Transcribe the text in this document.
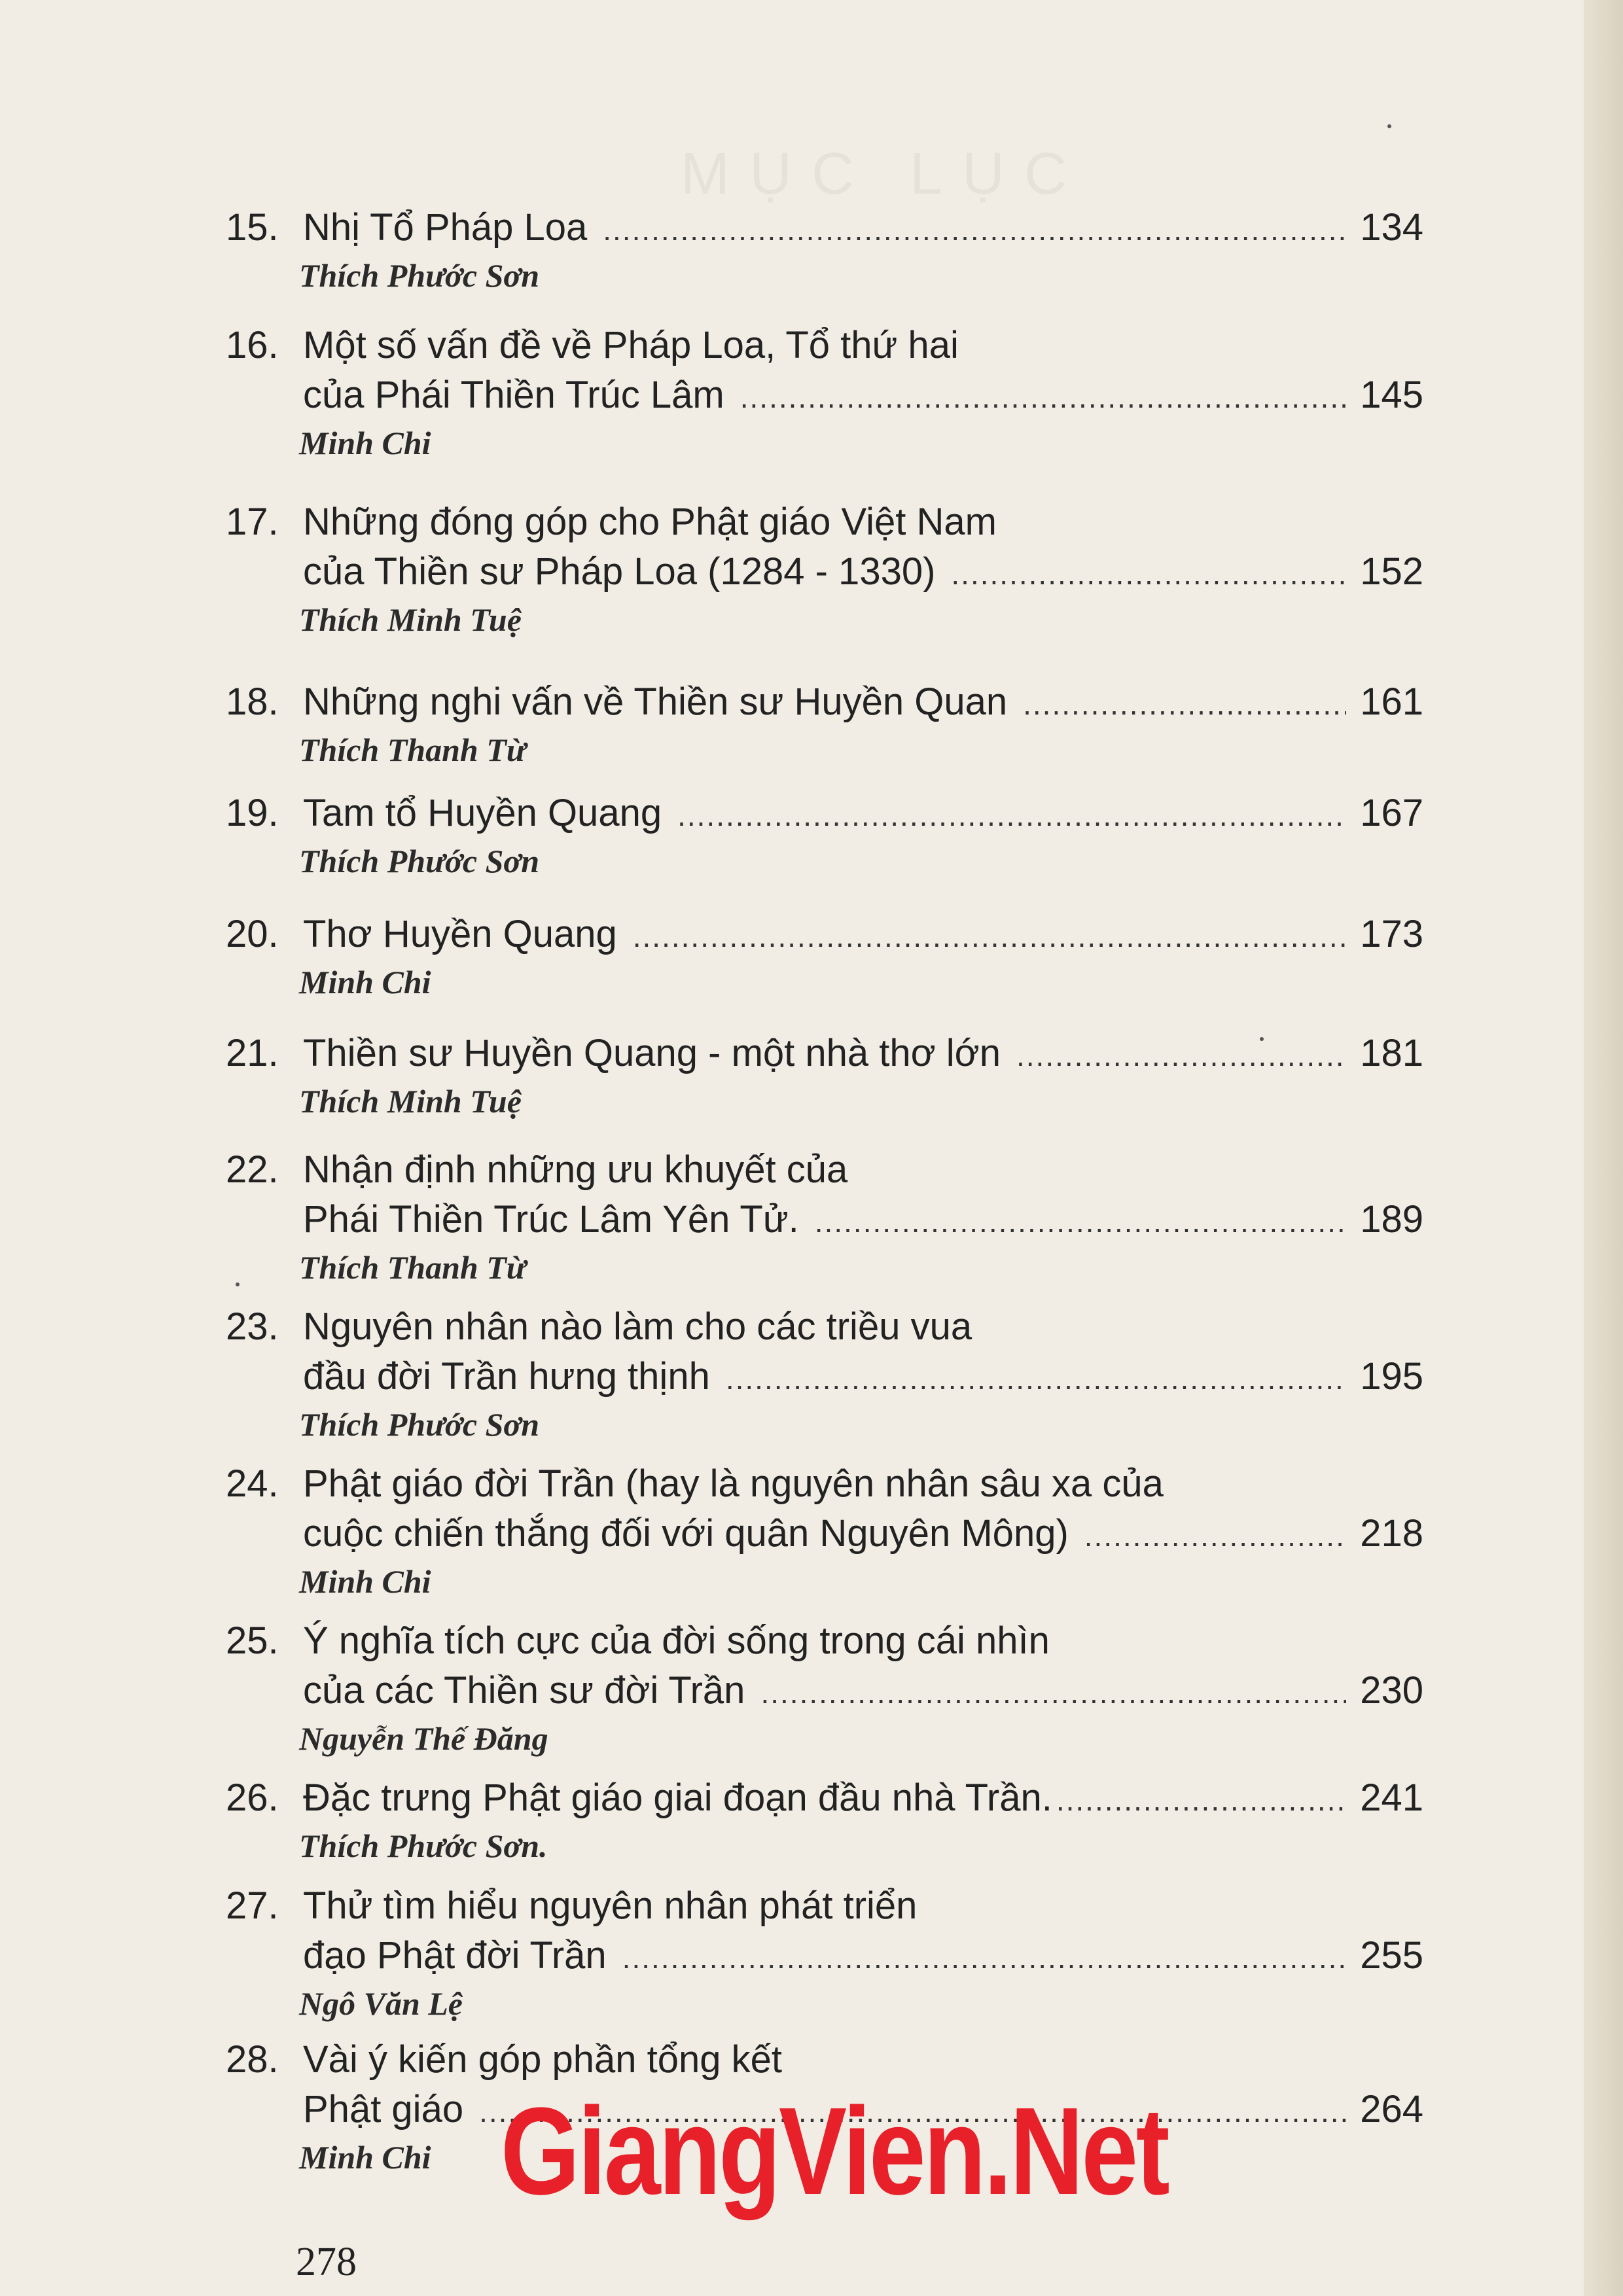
15. Nhị Tổ Pháp Loa .....	134
Thích Phước Sơn
16. Một số vấn đề về Pháp Loa, Tổ thứ hai
của Phái Thiền Trúc Lâm .....	145
Minh Chi
17. Những đóng góp cho Phật giáo Việt Nam
của Thiền sư Pháp Loa (1284 - 1330) .....	152
Thích Minh Tuệ
18. Những nghi vấn về Thiền sư Huyền Quan .....	161
Thích Thanh Từ
19. Tam tổ Huyền Quang .....	167
Thích Phước Sơn
20. Thơ Huyền Quang .....	173
Minh Chi
21. Thiền sư Huyền Quang - một nhà thơ lớn .....	181
Thích Minh Tuệ
22. Nhận định những ưu khuyết của
Phái Thiền Trúc Lâm Yên Tử. .....	189
Thích Thanh Từ
23. Nguyên nhân nào làm cho các triều vua
đầu đời Trần hưng thịnh .....	195
Thích Phước Sơn
24. Phật giáo đời Trần (hay là nguyên nhân sâu xa của
cuộc chiến thắng đối với quân Nguyên Mông) .....	218
Minh Chi
25. Ý nghĩa tích cực của đời sống trong cái nhìn
của các Thiền sư đời Trần .....	230
Nguyễn Thế Đăng
26. Đặc trưng Phật giáo giai đoạn đầu nhà Trần. .....	241
Thích Phước Sơn.
27. Thử tìm hiểu nguyên nhân phát triển
đạo Phật đời Trần .....	255
Ngô Văn Lệ
28. Vài ý kiến góp phần tổng kết
Phật giáo .....	264
Minh Chi GiangVien.Net
278
